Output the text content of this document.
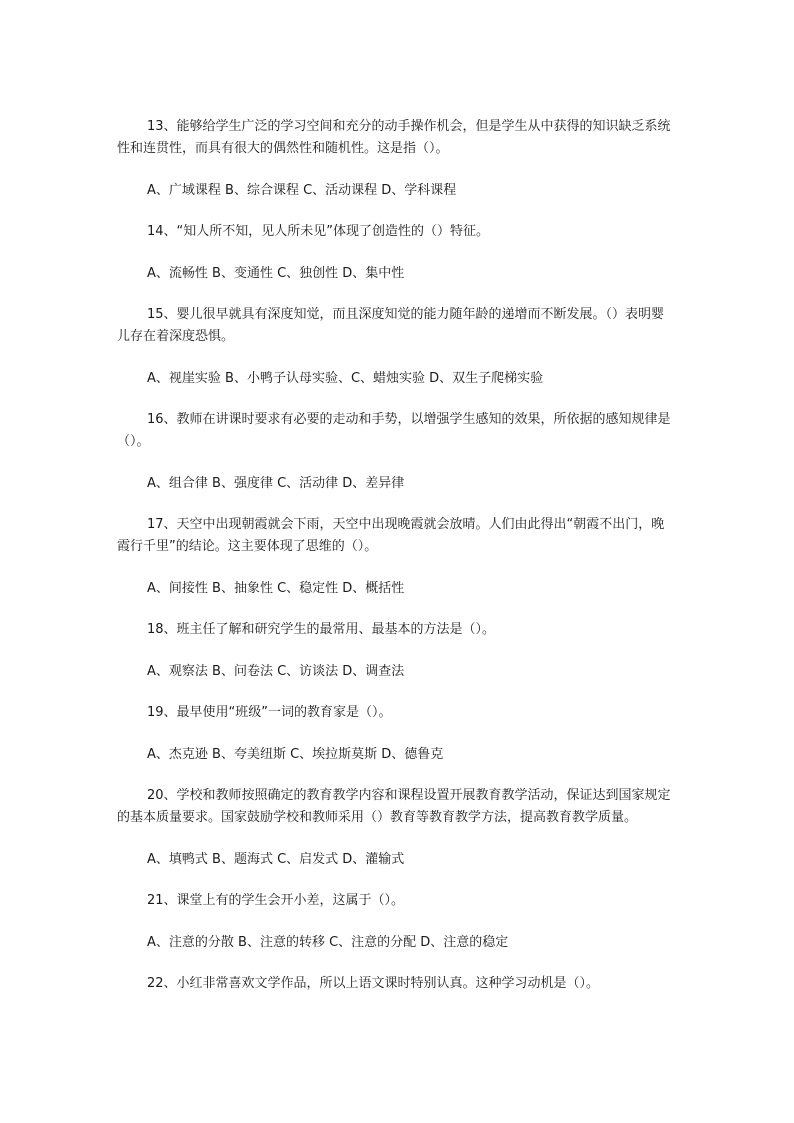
13、能够给学生广泛的学习空间和充分的动手操作机会，但是学生从中获得的知识缺乏系统性和连贯性，而具有很大的偶然性和随机性。这是指（）。

A、广域课程 B、综合课程 C、活动课程 D、学科课程

14、“知人所不知，见人所未见”体现了创造性的（）特征。

A、流畅性 B、变通性 C、独创性 D、集中性

15、婴儿很早就具有深度知觉，而且深度知觉的能力随年龄的递增而不断发展。（）表明婴儿存在着深度恐惧。

A、视崖实验 B、小鸭子认母实验、C、蜡烛实验 D、双生子爬梯实验

16、教师在讲课时要求有必要的走动和手势，以增强学生感知的效果，所依据的感知规律是（）。

A、组合律 B、强度律 C、活动律 D、差异律

17、天空中出现朝霞就会下雨，天空中出现晚霞就会放晴。人们由此得出“朝霞不出门，晚霞行千里”的结论。这主要体现了思维的（）。

A、间接性 B、抽象性 C、稳定性 D、概括性

18、班主任了解和研究学生的最常用、最基本的方法是（）。

A、观察法 B、问卷法 C、访谈法 D、调查法

19、最早使用“班级”一词的教育家是（）。

A、杰克逊 B、夸美纽斯 C、埃拉斯莫斯 D、德鲁克

20、学校和教师按照确定的教育教学内容和课程设置开展教育教学活动，保证达到国家规定的基本质量要求。国家鼓励学校和教师采用（）教育等教育教学方法，提高教育教学质量。

A、填鸭式 B、题海式 C、启发式 D、灌输式

21、课堂上有的学生会开小差，这属于（）。

A、注意的分散 B、注意的转移 C、注意的分配 D、注意的稳定

22、小红非常喜欢文学作品，所以上语文课时特别认真。这种学习动机是（）。
